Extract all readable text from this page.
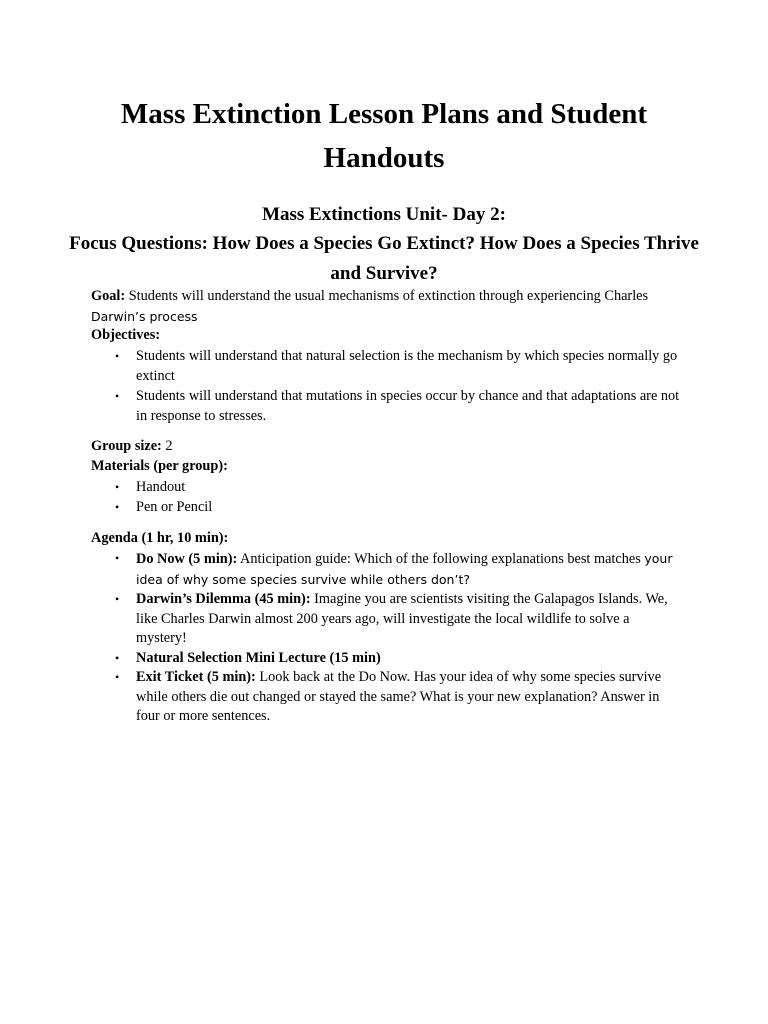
Mass Extinction Lesson Plans and Student Handouts
Mass Extinctions Unit- Day 2:
Focus Questions: How Does a Species Go Extinct? How Does a Species Thrive and Survive?
Goal: Students will understand the usual mechanisms of extinction through experiencing Charles Darwin’s process
Objectives:
• Students will understand that natural selection is the mechanism by which species normally go extinct
• Students will understand that mutations in species occur by chance and that adaptations are not in response to stresses.
Group size: 2
Materials (per group):
• Handout
• Pen or Pencil
Agenda (1 hr, 10 min):
• Do Now (5 min): Anticipation guide: Which of the following explanations best matches your idea of why some species survive while others don’t?
• Darwin’s Dilemma (45 min): Imagine you are scientists visiting the Galapagos Islands. We, like Charles Darwin almost 200 years ago, will investigate the local wildlife to solve a mystery!
• Natural Selection Mini Lecture (15 min)
• Exit Ticket (5 min): Look back at the Do Now. Has your idea of why some species survive while others die out changed or stayed the same? What is your new explanation? Answer in four or more sentences.
